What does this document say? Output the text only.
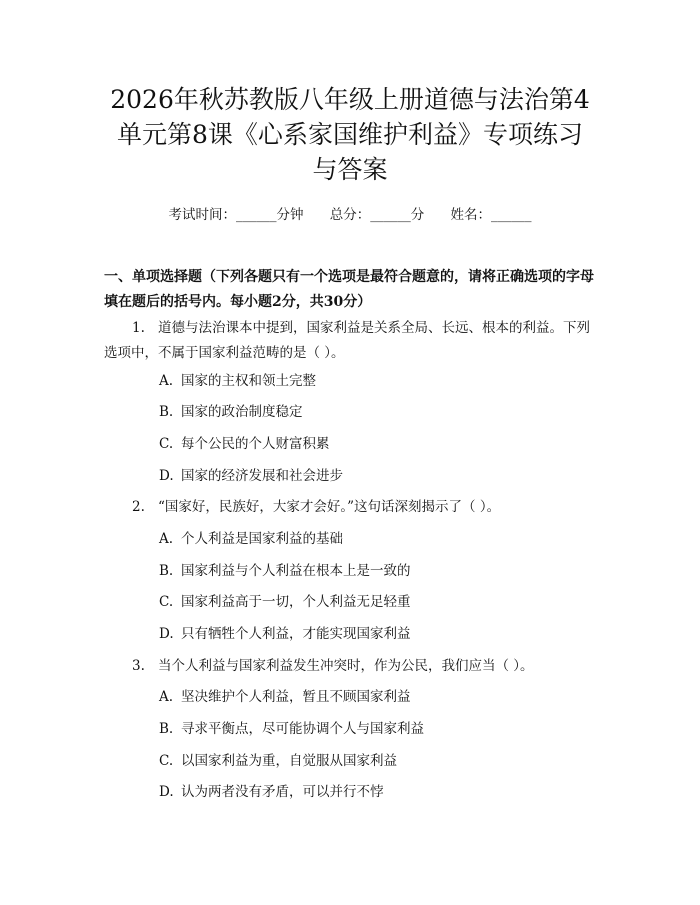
2026年秋苏教版八年级上册道德与法治第4
单元第8课《心系家国维护利益》专项练习
与答案
考试时间：______分钟 总分：______分 姓名：______
一、单项选择题（下列各题只有一个选项是最符合题意的，请将正确选项的字母
填在题后的括号内。每小题2分，共30分）
1. 道德与法治课本中提到，国家利益是关系全局、长远、根本的利益。下列
选项中，不属于国家利益范畴的是（ ）。
A. 国家的主权和领土完整
B. 国家的政治制度稳定
C. 每个公民的个人财富积累
D. 国家的经济发展和社会进步
2. “国家好，民族好，大家才会好。”这句话深刻揭示了（ ）。
A. 个人利益是国家利益的基础
B. 国家利益与个人利益在根本上是一致的
C. 国家利益高于一切，个人利益无足轻重
D. 只有牺牲个人利益，才能实现国家利益
3. 当个人利益与国家利益发生冲突时，作为公民，我们应当（ ）。
A. 坚决维护个人利益，暂且不顾国家利益
B. 寻求平衡点，尽可能协调个人与国家利益
C. 以国家利益为重，自觉服从国家利益
D. 认为两者没有矛盾，可以并行不悖
